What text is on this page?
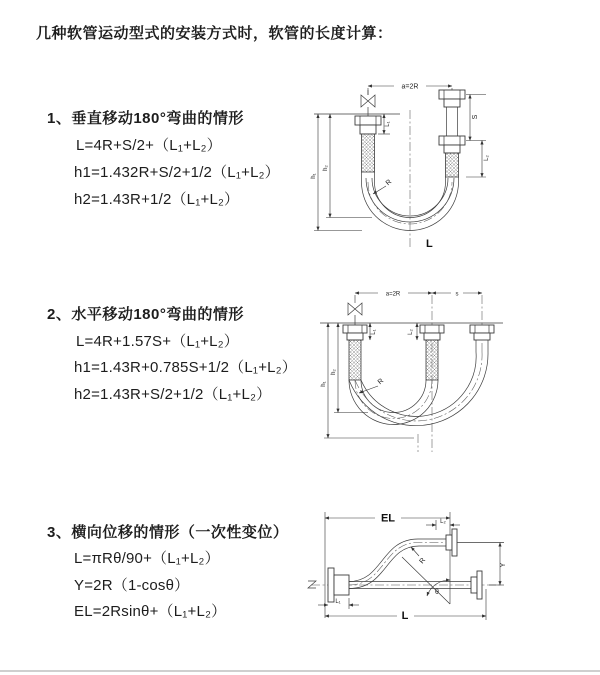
几种软管运动型式的安装方式时，软管的长度计算：
1、垂直移动180°弯曲的情形
L=4R+S/2+（L₁+L₂）
h1=1.432R+S/2+1/2（L₁+L₂）
h2=1.43R+1/2（L₁+L₂）
2、水平移动180°弯曲的情形
L=4R+1.57S+（L₁+L₂）
h1=1.43R+0.785S+1/2（L₁+L₂）
h2=1.43R+S/2+1/2（L₁+L₂）
3、横向位移的情形（一次性变位）
L=πRθ/90+（L₁+L₂）
Y=2R（1-cosθ）
EL=2Rsinθ+（L₁+L₂）
a=2R
h₁
h₂
L₁
S
L₂
R
L
a=2R	s
h₁
h₂
L₁	L₂
R
EL	L₂
R
θ
Y
L₁
L
